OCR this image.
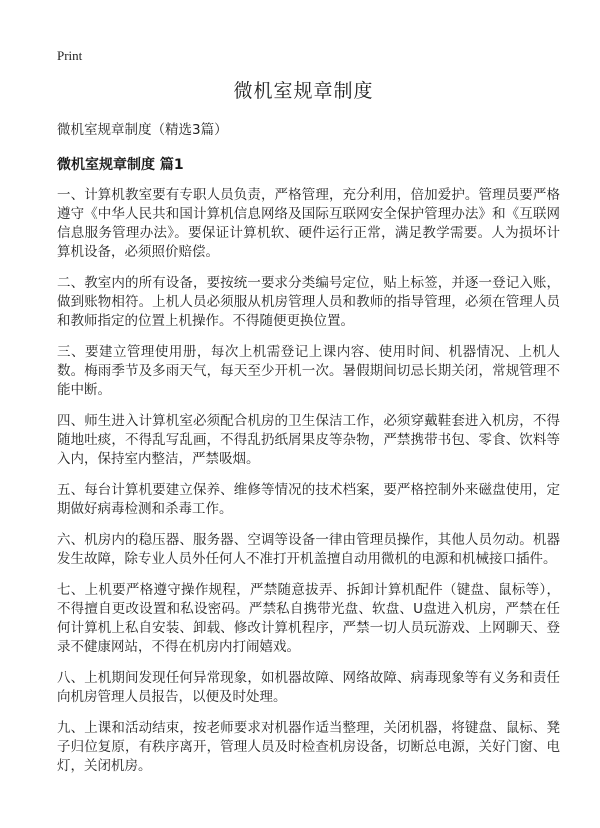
Print
微机室规章制度
微机室规章制度（精选3篇）
微机室规章制度 篇1

一、计算机教室要有专职人员负责，严格管理，充分利用，倍加爱护。管理员要严格遵守《中华人民共和国计算机信息网络及国际互联网安全保护管理办法》和《互联网信息服务管理办法》。要保证计算机软、硬件运行正常，满足教学需要。人为损坏计算机设备，必须照价赔偿。

二、教室内的所有设备，要按统一要求分类编号定位，贴上标签，并逐一登记入账，做到账物相符。上机人员必须服从机房管理人员和教师的指导管理，必须在管理人员和教师指定的位置上机操作。不得随便更换位置。

三、要建立管理使用册，每次上机需登记上课内容、使用时间、机器情况、上机人数。梅雨季节及多雨天气，每天至少开机一次。暑假期间切忌长期关闭，常规管理不能中断。

四、师生进入计算机室必须配合机房的卫生保洁工作，必须穿戴鞋套进入机房，不得随地吐痰，不得乱写乱画，不得乱扔纸屑果皮等杂物，严禁携带书包、零食、饮料等入内，保持室内整洁，严禁吸烟。

五、每台计算机要建立保养、维修等情况的技术档案，要严格控制外来磁盘使用，定期做好病毒检测和杀毒工作。

六、机房内的稳压器、服务器、空调等设备一律由管理员操作，其他人员勿动。机器发生故障，除专业人员外任何人不准打开机盖擅自动用微机的电源和机械接口插件。

七、上机要严格遵守操作规程，严禁随意拔弄、拆卸计算机配件（键盘、鼠标等），不得擅自更改设置和私设密码。严禁私自携带光盘、软盘、U盘进入机房，严禁在任何计算机上私自安装、卸载、修改计算机程序，严禁一切人员玩游戏、上网聊天、登录不健康网站，不得在机房内打闹嬉戏。

八、上机期间发现任何异常现象，如机器故障、网络故障、病毒现象等有义务和责任向机房管理人员报告，以便及时处理。

九、上课和活动结束，按老师要求对机器作适当整理，关闭机器，将键盘、鼠标、凳子归位复原，有秩序离开，管理人员及时检查机房设备，切断总电源，关好门窗、电灯，关闭机房。
